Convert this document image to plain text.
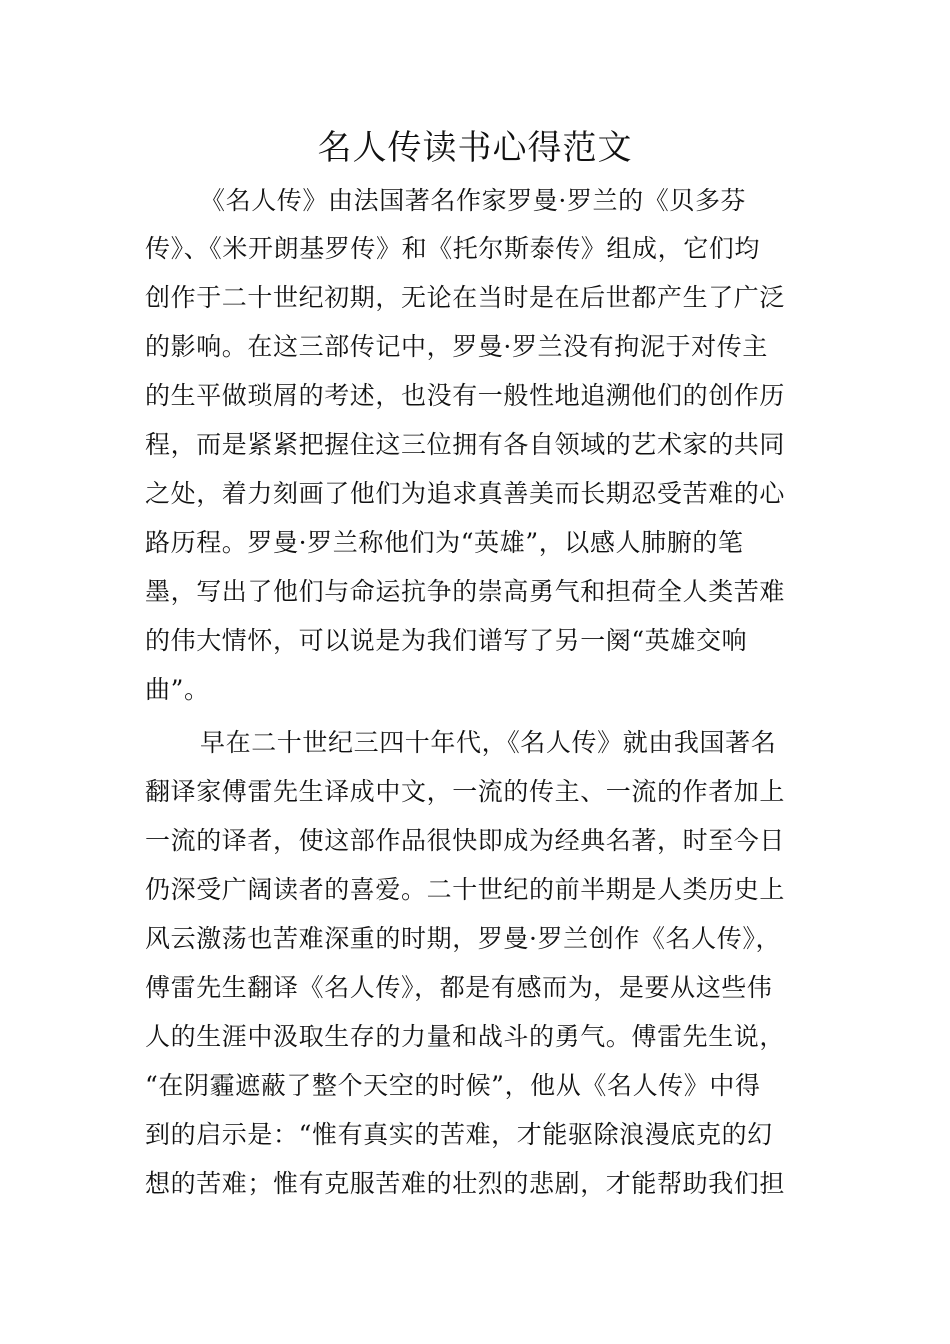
名人传读书心得范文
《名人传》由法国著名作家罗曼·罗兰的《贝多芬
传》、《米开朗基罗传》和《托尔斯泰传》组成，它们均
创作于二十世纪初期，无论在当时是在后世都产生了广泛
的影响。在这三部传记中，罗曼·罗兰没有拘泥于对传主
的生平做琐屑的考述，也没有一般性地追溯他们的创作历
程，而是紧紧把握住这三位拥有各自领域的艺术家的共同
之处，着力刻画了他们为追求真善美而长期忍受苦难的心
路历程。罗曼·罗兰称他们为“英雄”，以感人肺腑的笔
墨，写出了他们与命运抗争的崇高勇气和担荷全人类苦难
的伟大情怀，可以说是为我们谱写了另一阕“英雄交响
曲”。
早在二十世纪三四十年代，《名人传》就由我国著名
翻译家傅雷先生译成中文，一流的传主、一流的作者加上
一流的译者，使这部作品很快即成为经典名著，时至今日
仍深受广阔读者的喜爱。二十世纪的前半期是人类历史上
风云激荡也苦难深重的时期，罗曼·罗兰创作《名人传》，
傅雷先生翻译《名人传》，都是有感而为，是要从这些伟
人的生涯中汲取生存的力量和战斗的勇气。傅雷先生说，
“在阴霾遮蔽了整个天空的时候”，他从《名人传》中得
到的启示是：“惟有真实的苦难，才能驱除浪漫底克的幻
想的苦难；惟有克服苦难的壮烈的悲剧，才能帮助我们担
